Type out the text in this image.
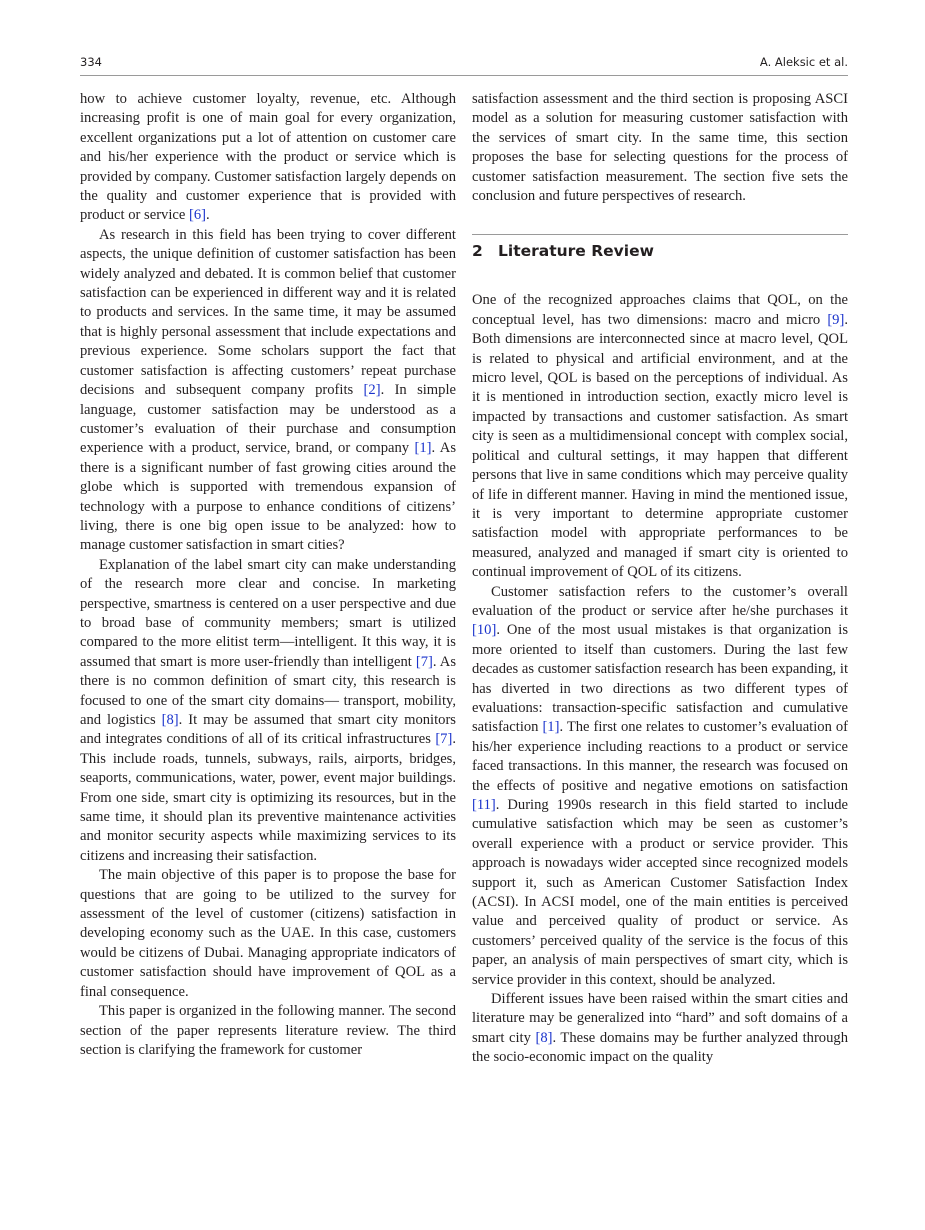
334	A. Aleksic et al.

how to achieve customer loyalty, revenue, etc. Although increasing profit is one of main goal for every organization, excellent organizations put a lot of attention on customer care and his/her experience with the product or service which is provided by company. Customer satisfaction largely depends on the quality and customer experience that is provided with product or service [6].

As research in this field has been trying to cover different aspects, the unique definition of customer satisfaction has been widely analyzed and debated. It is common belief that customer satisfaction can be experienced in different way and it is related to products and services. In the same time, it may be assumed that is highly personal assessment that include expectations and previous experience. Some scholars support the fact that customer satisfaction is affecting customers’ repeat purchase decisions and subsequent company profits [2]. In simple language, customer satisfaction may be understood as a customer’s evaluation of their purchase and consumption experience with a product, service, brand, or company [1]. As there is a significant number of fast growing cities around the globe which is supported with tremendous expansion of technology with a purpose to enhance conditions of citizens’ living, there is one big open issue to be analyzed: how to manage customer satisfaction in smart cities?

Explanation of the label smart city can make understanding of the research more clear and concise. In marketing perspective, smartness is centered on a user perspective and due to broad base of community members; smart is utilized compared to the more elitist term—intelligent. It this way, it is assumed that smart is more user-friendly than intelligent [7]. As there is no common definition of smart city, this research is focused to one of the smart city domains— transport, mobility, and logistics [8]. It may be assumed that smart city monitors and integrates conditions of all of its critical infrastructures [7]. This include roads, tunnels, subways, rails, airports, bridges, seaports, communications, water, power, event major buildings. From one side, smart city is optimizing its resources, but in the same time, it should plan its preventive maintenance activities and monitor security aspects while maximizing services to its citizens and increasing their satisfaction.

The main objective of this paper is to propose the base for questions that are going to be utilized to the survey for assessment of the level of customer (citizens) satisfaction in developing economy such as the UAE. In this case, customers would be citizens of Dubai. Managing appropriate indicators of customer satisfaction should have improvement of QOL as a final consequence.

This paper is organized in the following manner. The second section of the paper represents literature review. The third section is clarifying the framework for customer

satisfaction assessment and the third section is proposing ASCI model as a solution for measuring customer satisfaction with the services of smart city. In the same time, this section proposes the base for selecting questions for the process of customer satisfaction measurement. The section five sets the conclusion and future perspectives of research.

2 Literature Review

One of the recognized approaches claims that QOL, on the conceptual level, has two dimensions: macro and micro [9]. Both dimensions are interconnected since at macro level, QOL is related to physical and artificial environment, and at the micro level, QOL is based on the perceptions of individual. As it is mentioned in introduction section, exactly micro level is impacted by transactions and customer satisfaction. As smart city is seen as a multidimensional concept with complex social, political and cultural settings, it may happen that different persons that live in same conditions which may perceive quality of life in different manner. Having in mind the mentioned issue, it is very important to determine appropriate customer satisfaction model with appropriate performances to be measured, analyzed and managed if smart city is oriented to continual improvement of QOL of its citizens.

Customer satisfaction refers to the customer’s overall evaluation of the product or service after he/she purchases it [10]. One of the most usual mistakes is that organization is more oriented to itself than customers. During the last few decades as customer satisfaction research has been expanding, it has diverted in two directions as two different types of evaluations: transaction-specific satisfaction and cumulative satisfaction [1]. The first one relates to customer’s evaluation of his/her experience including reactions to a product or service faced transactions. In this manner, the research was focused on the effects of positive and negative emotions on satisfaction [11]. During 1990s research in this field started to include cumulative satisfaction which may be seen as customer’s overall experience with a product or service provider. This approach is nowadays wider accepted since recognized models support it, such as American Customer Satisfaction Index (ACSI). In ACSI model, one of the main entities is perceived value and perceived quality of product or service. As customers’ perceived quality of the service is the focus of this paper, an analysis of main perspectives of smart city, which is service provider in this context, should be analyzed.

Different issues have been raised within the smart cities and literature may be generalized into “hard” and soft domains of a smart city [8]. These domains may be further analyzed through the socio-economic impact on the quality
